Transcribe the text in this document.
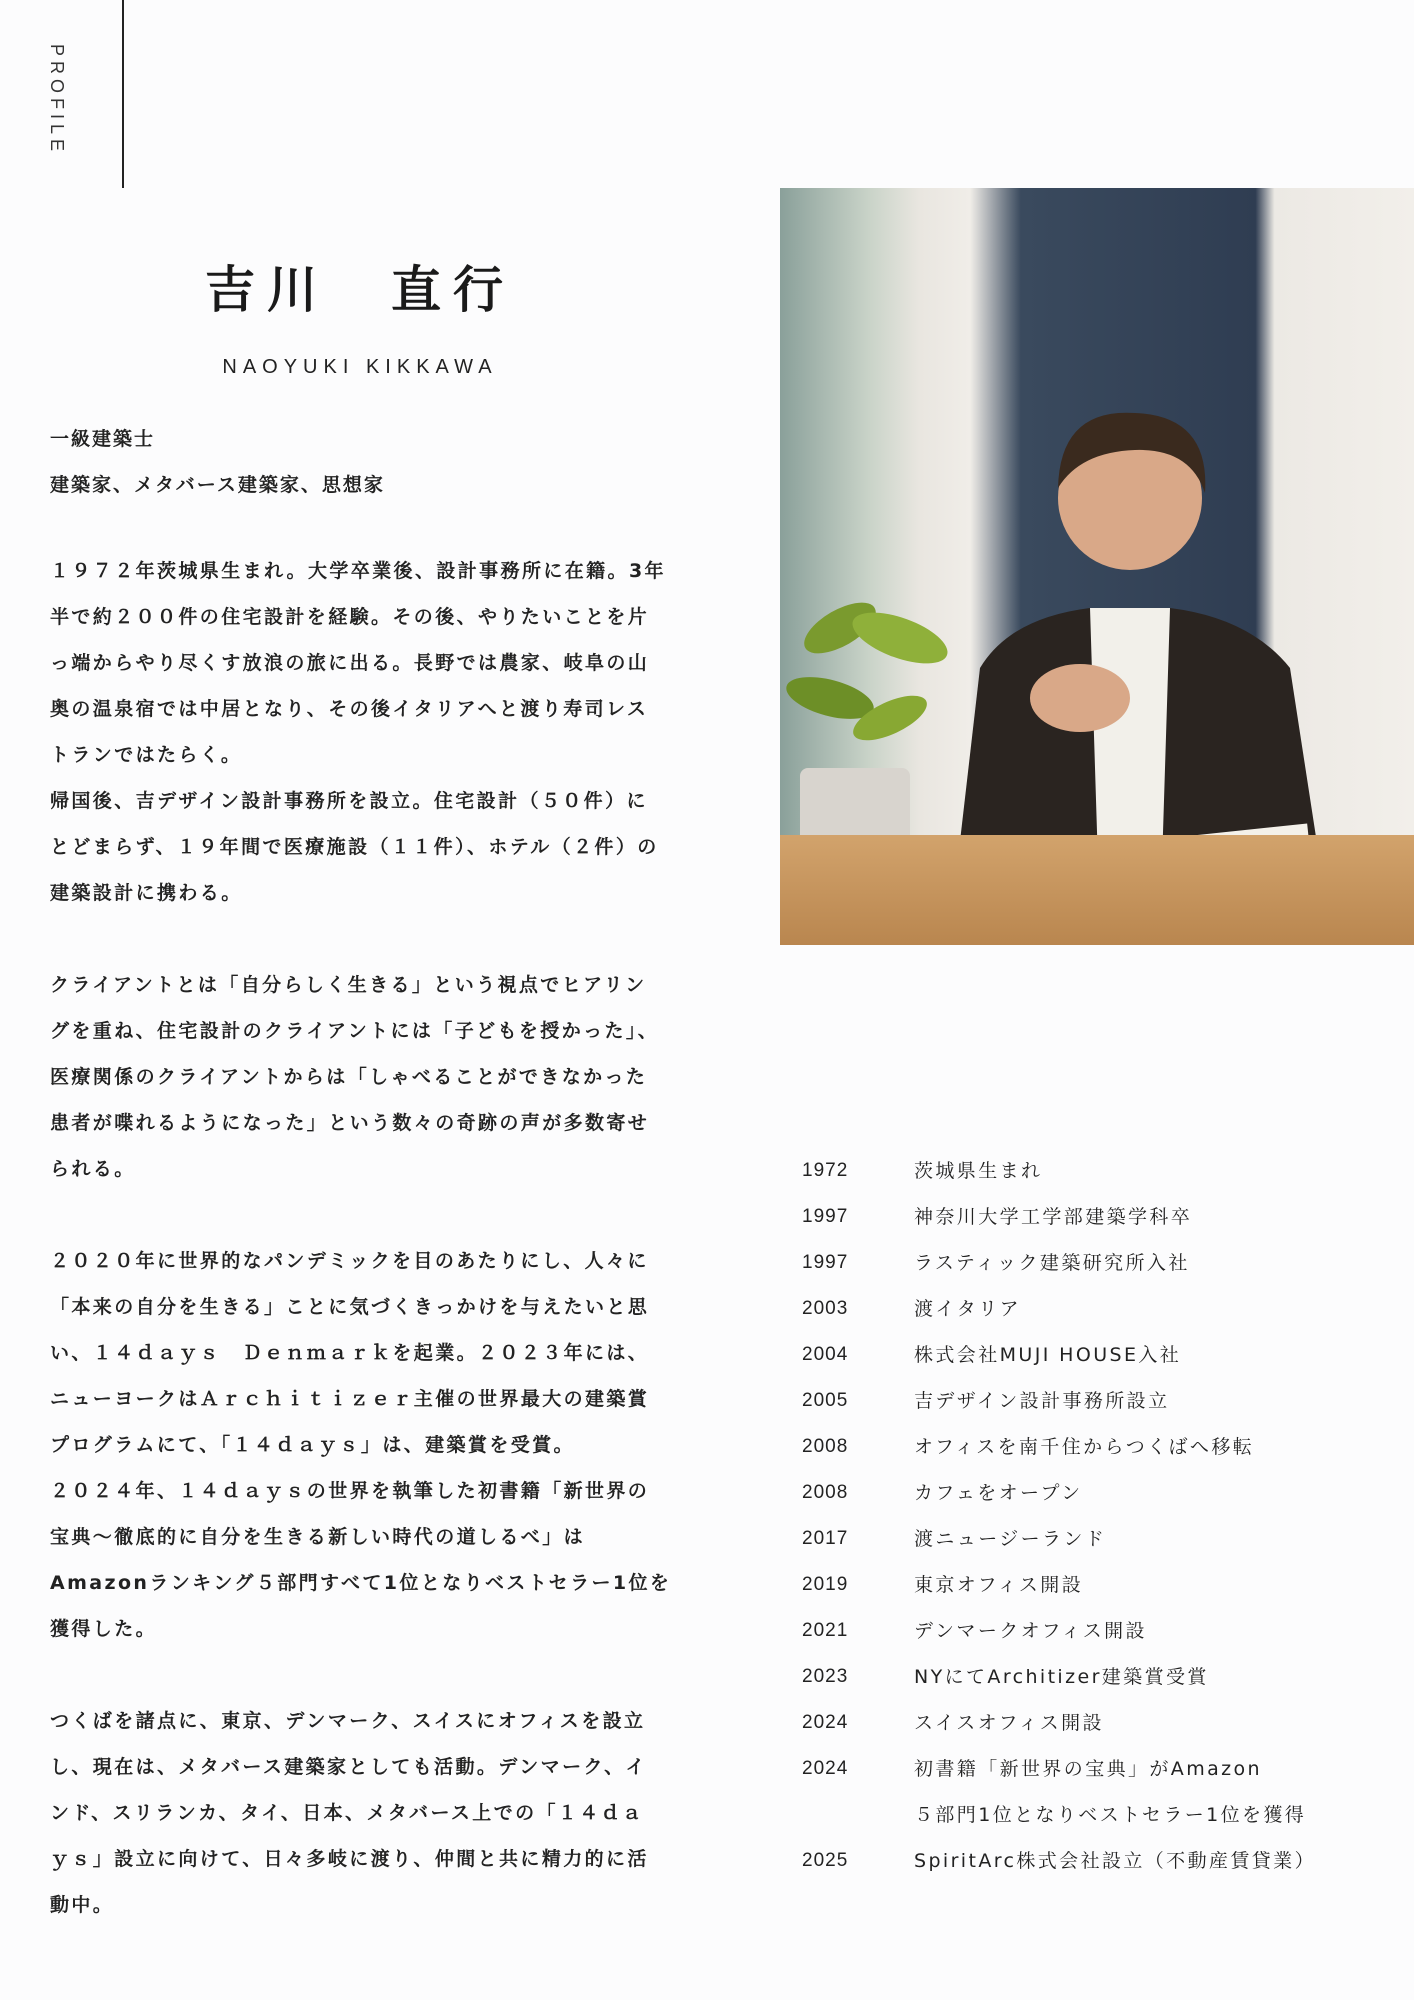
PROFILE
吉川　直行
NAOYUKI KIKKAWA

一級建築士

建築家、メタバース建築家、思想家

１９７２年茨城県生まれ。大学卒業後、設計事務所に在籍。3年

半で約２００件の住宅設計を経験。その後、やりたいことを片

っ端からやり尽くす放浪の旅に出る。長野では農家、岐阜の山

奥の温泉宿では中居となり、その後イタリアへと渡り寿司レス

トランではたらく。

帰国後、吉デザイン設計事務所を設立。住宅設計（５０件）に

とどまらず、１９年間で医療施設（１１件）、ホテル（２件）の

建築設計に携わる。

クライアントとは「自分らしく生きる」という視点でヒアリン

グを重ね、住宅設計のクライアントには「子どもを授かった」、

医療関係のクライアントからは「しゃべることができなかった

患者が喋れるようになった」という数々の奇跡の声が多数寄せ

られる。

２０２０年に世界的なパンデミックを目のあたりにし、人々に

「本来の自分を生きる」ことに気づくきっかけを与えたいと思

い、１４ｄａｙｓ　Ｄｅｎｍａｒｋを起業。２０２３年には、

ニューヨークはＡｒｃｈｉｔｉｚｅｒ主催の世界最大の建築賞

プログラムにて、「１４ｄａｙｓ」は、建築賞を受賞。

２０２４年、１４ｄａｙｓの世界を執筆した初書籍「新世界の

宝典～徹底的に自分を生きる新しい時代の道しるべ」は

Amazonランキング５部門すべて1位となりベストセラー1位を

獲得した。

つくばを諸点に、東京、デンマーク、スイスにオフィスを設立

し、現在は、メタバース建築家としても活動。デンマーク、イ

ンド、スリランカ、タイ、日本、メタバース上での「１４ｄａ

ｙｓ」設立に向けて、日々多岐に渡り、仲間と共に精力的に活

動中。

1972	茨城県生まれ
1997	神奈川大学工学部建築学科卒
1997	ラスティック建築研究所入社
2003	渡イタリア
2004	株式会社MUJI HOUSE入社
2005	吉デザイン設計事務所設立
2008	オフィスを南千住からつくばへ移転
2008	カフェをオープン
2017	渡ニュージーランド
2019	東京オフィス開設
2021	デンマークオフィス開設
2023	NYにてArchitizer建築賞受賞
2024	スイスオフィス開設
2024	初書籍「新世界の宝典」がAmazon
５部門1位となりベストセラー1位を獲得
2025	SpiritArc株式会社設立（不動産賃貸業）
